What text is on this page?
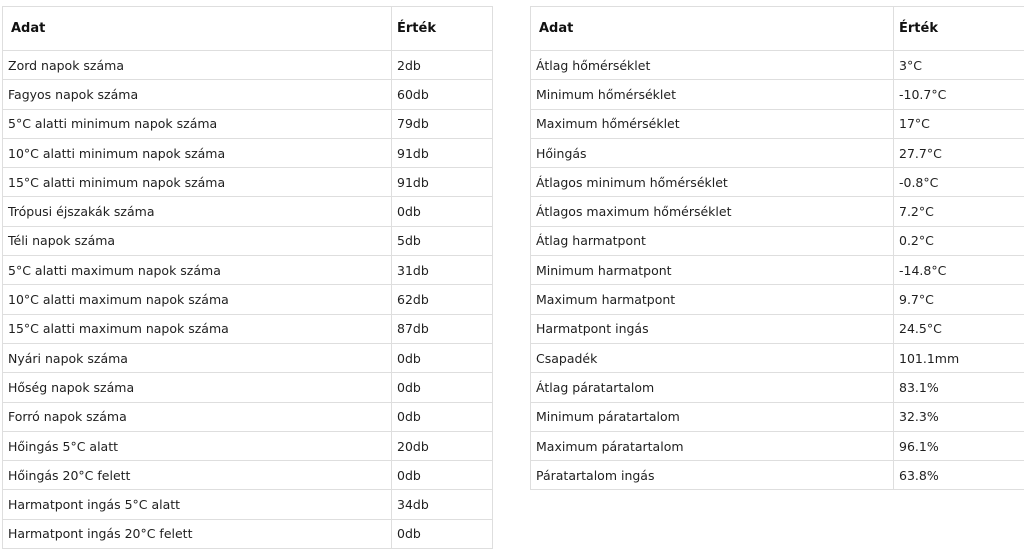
Adat	Érték
Zord napok száma	2db
Fagyos napok száma	60db
5°C alatti minimum napok száma	79db
10°C alatti minimum napok száma	91db
15°C alatti minimum napok száma	91db
Trópusi éjszakák száma	0db
Téli napok száma	5db
5°C alatti maximum napok száma	31db
10°C alatti maximum napok száma	62db
15°C alatti maximum napok száma	87db
Nyári napok száma	0db
Hőség napok száma	0db
Forró napok száma	0db
Hőingás 5°C alatt	20db
Hőingás 20°C felett	0db
Harmatpont ingás 5°C alatt	34db
Harmatpont ingás 20°C felett	0db
Adat	Érték
Átlag hőmérséklet	3°C
Minimum hőmérséklet	-10.7°C
Maximum hőmérséklet	17°C
Hőingás	27.7°C
Átlagos minimum hőmérséklet	-0.8°C
Átlagos maximum hőmérséklet	7.2°C
Átlag harmatpont	0.2°C
Minimum harmatpont	-14.8°C
Maximum harmatpont	9.7°C
Harmatpont ingás	24.5°C
Csapadék	101.1mm
Átlag páratartalom	83.1%
Minimum páratartalom	32.3%
Maximum páratartalom	96.1%
Páratartalom ingás	63.8%
